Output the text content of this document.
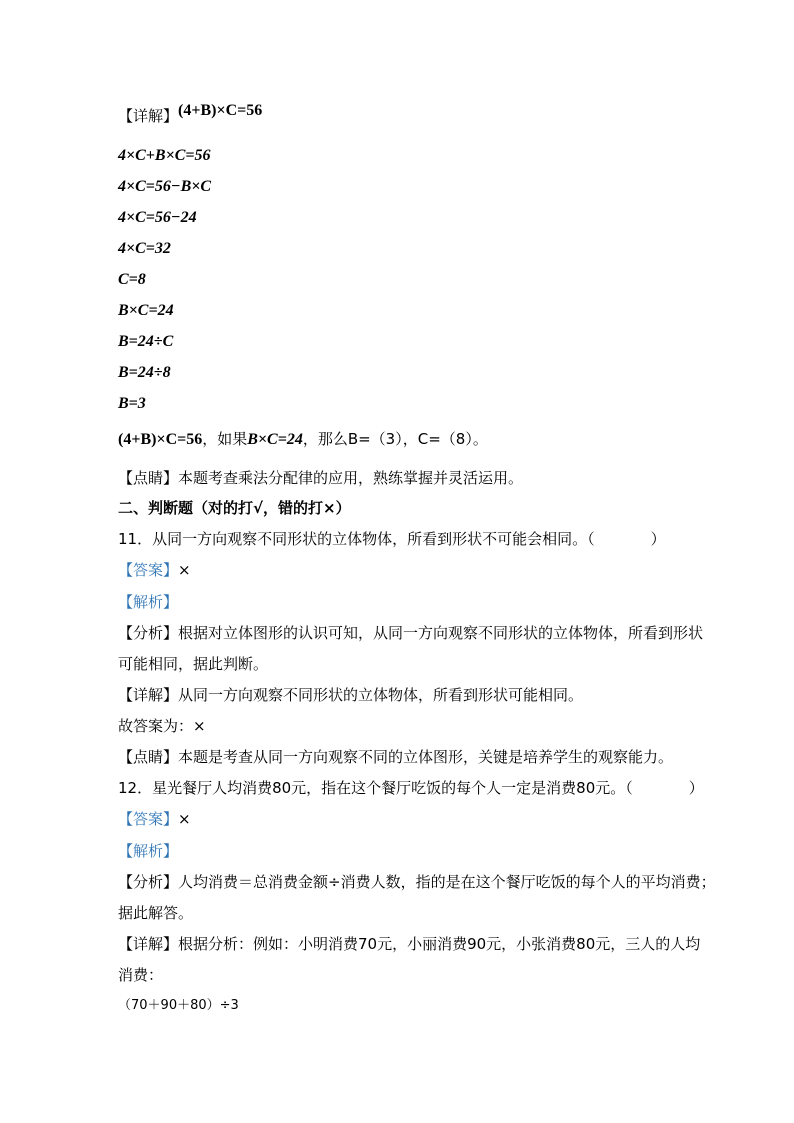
【详解】(4+B)×C=56
4×C+B×C=56
4×C=56−B×C
4×C=56−24
4×C=32
C=8
B×C=24
B=24÷C
B=24÷8
B=3
(4+B)×C=56，如果B×C=24，那么B=（3），C=（8）。
【点睛】本题考查乘法分配律的应用，熟练掌握并灵活运用。
二、判断题（对的打√，错的打×）
11．从同一方向观察不同形状的立体物体，所看到形状不可能会相同。（	）
【答案】×
【解析】
【分析】根据对立体图形的认识可知，从同一方向观察不同形状的立体物体，所看到形状
可能相同，据此判断。
【详解】从同一方向观察不同形状的立体物体，所看到形状可能相同。
故答案为：×
【点睛】本题是考查从同一方向观察不同的立体图形，关键是培养学生的观察能力。
12．星光餐厅人均消费80元，指在这个餐厅吃饭的每个人一定是消费80元。（	）
【答案】×
【解析】
【分析】人均消费＝总消费金额÷消费人数，指的是在这个餐厅吃饭的每个人的平均消费；
据此解答。
【详解】根据分析：例如：小明消费70元，小丽消费90元，小张消费80元，三人的人均
消费：
（70＋90＋80）÷3
